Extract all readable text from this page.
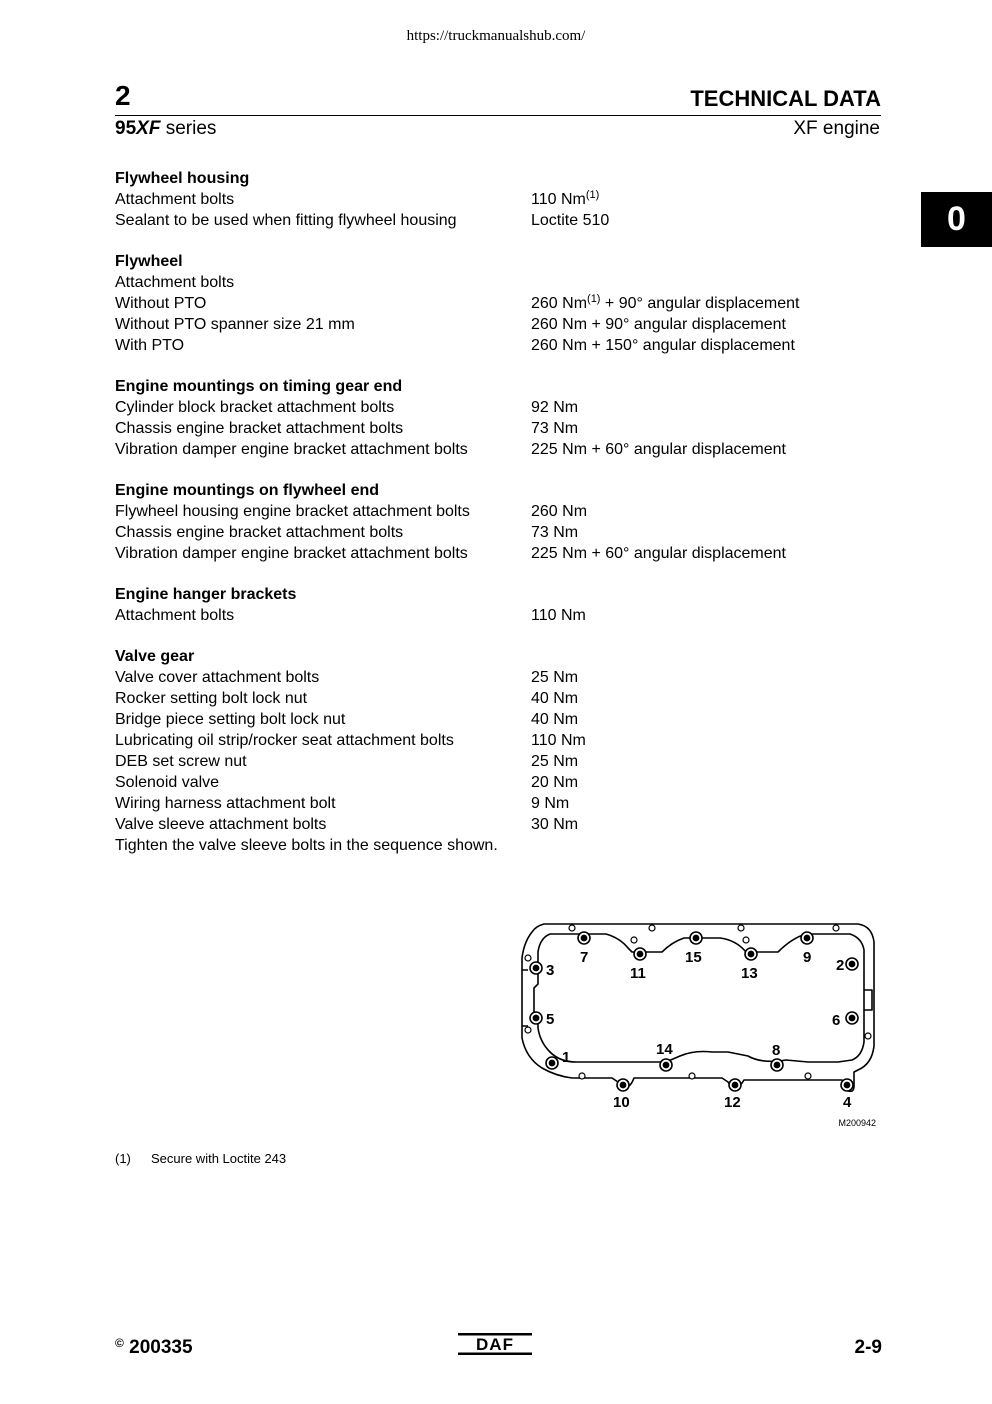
https://truckmanualshub.com/
2	TECHNICAL DATA
95XF series	XF engine
0
Flywheel housing
Attachment bolts	110 Nm$^{(1)}$
Sealant to be used when fitting flywheel housing	Loctite 510
Flywheel
Attachment bolts
Without PTO	260 $Nm^{(1)} + 90^\circ$ angular displacement
Without PTO spanner size 21 mm	260 Nm + 90° angular displacement
With PTO	260 Nm + 150° angular displacement
Engine mountings on timing gear end
Cylinder block bracket attachment bolts	92 Nm
Chassis engine bracket attachment bolts	73 Nm
Vibration damper engine bracket attachment bolts	225 Nm + 60° angular displacement
Engine mountings on flywheel end
Flywheel housing engine bracket attachment bolts	260 Nm
Chassis engine bracket attachment bolts	73 Nm
Vibration damper engine bracket attachment bolts	225 Nm + 60° angular displacement
Engine hanger brackets
Attachment bolts	110 Nm
Valve gear
Valve cover attachment bolts	25 Nm
Rocker setting bolt lock nut	40 Nm
Bridge piece setting bolt lock nut	40 Nm
Lubricating oil strip/rocker seat attachment bolts	110 Nm
DEB set screw nut	25 Nm
Solenoid valve	20 Nm
Wiring harness attachment bolt	9 Nm
Valve sleeve attachment bolts	30 Nm
Tighten the valve sleeve bolts in the sequence shown.
7	15	9
3	11	13	2
5	6
14	8
1
10	12	4
M200942
(1) Secure with Loctite 243
© 200335	DAF	2-9
